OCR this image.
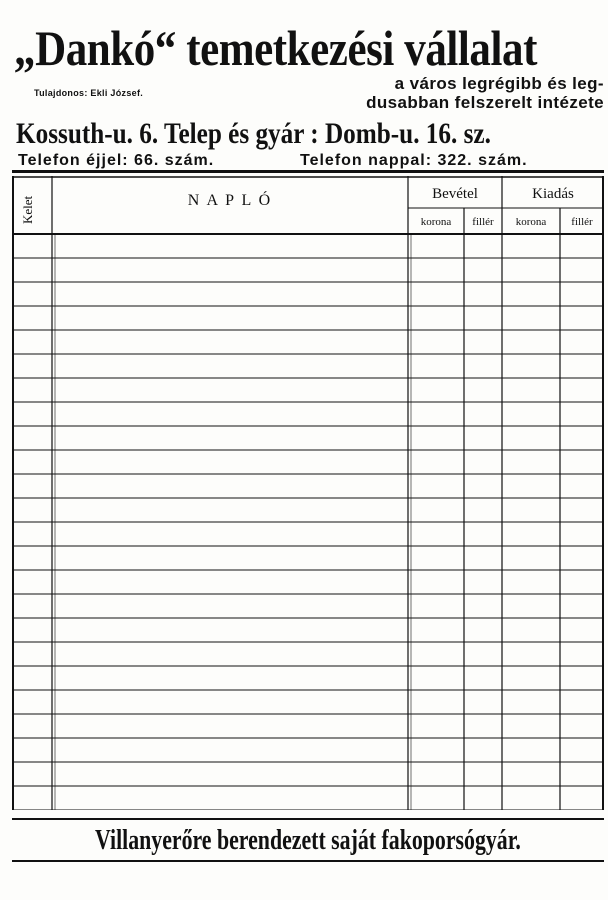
„Dankó“ temetkezési vállalat
Tulajdonos: Ekli József.	a város legrégibb és leg-
dusabban felszerelt intézete
Kossuth-u. 6. Telep és gyár : Domb-u. 16. sz.
Telefon éjjel: 66. szám.	Telefon nappal: 322. szám.
Kelet	N A P L Ó	Bevétel	Kiadás
korona	fillér	korona	fillér
Villanyerőre berendezett saját fakoporsógyár.
